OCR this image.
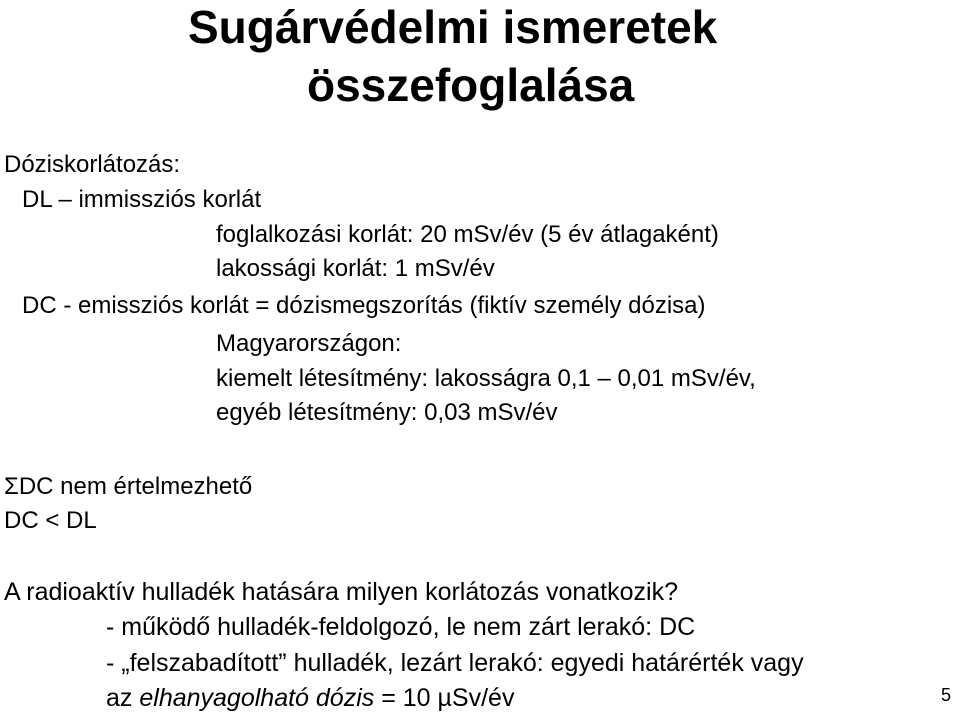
Sugárvédelmi ismeretek
összefoglalása
Dóziskorlátozás:
DL – immissziós korlát
foglalkozási korlát: 20 mSv/év (5 év átlagaként)
lakossági korlát: 1 mSv/év
DC - emissziós korlát = dózismegszorítás (fiktív személy dózisa)
Magyarországon:
kiemelt létesítmény: lakosságra 0,1 – 0,01 mSv/év,
egyéb létesítmény: 0,03 mSv/év
ΣDC nem értelmezhető
DC < DL
A radioaktív hulladék hatására milyen korlátozás vonatkozik?
- működő hulladék-feldolgozó, le nem zárt lerakó: DC
- „felszabadított” hulladék, lezárt lerakó: egyedi határérték vagy
az elhanyagolható dózis = 10 µSv/év	5
